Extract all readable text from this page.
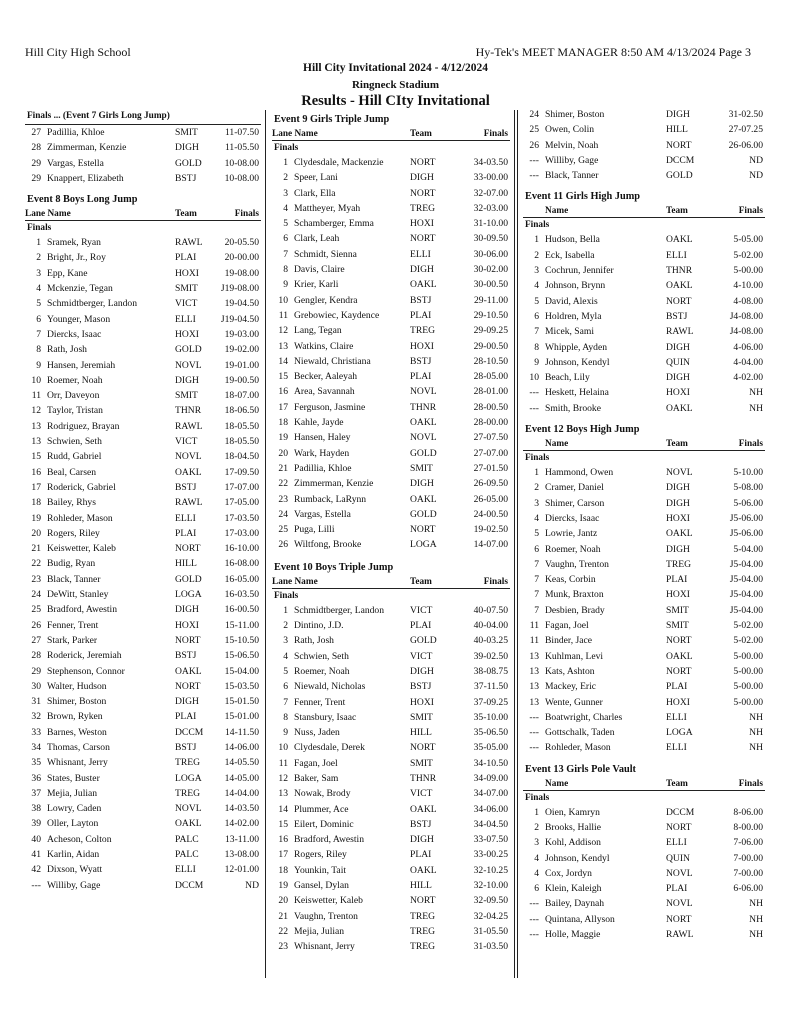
Hill City High School	Hy-Tek's MEET MANAGER 8:50 AM 4/13/2024 Page 3
Hill City Invitational 2024 - 4/12/2024
Ringneck Stadium
Results - Hill CIty Invitational
Finals ... (Event 7 Girls Long Jump)
27 Padillia, Khloe	SMIT	11-07.50
28 Zimmerman, Kenzie	DIGH	11-05.50
29 Vargas, Estella	GOLD 10-08.00
29 Knappert, Elizabeth	BSTJ	10-08.00
Event 8 Boys Long Jump
Lane Name	Team	Finals
Finals
1 Sramek, Ryan	RAWL 20-05.50
2 Bright, Jr., Roy	PLAI	20-00.00
3 Epp, Kane	HOXI	19-08.00
4 Mckenzie, Tegan	SMIT J19-08.00
5 Schmidtberger, Landon	VICT	19-04.50
6 Younger, Mason	ELLI	J19-04.50
7 Diercks, Isaac	HOXI	19-03.00
8 Rath, Josh	GOLD 19-02.00
9 Hansen, Jeremiah	NOVL 19-01.00
10 Roemer, Noah	DIGH	19-00.50
11 Orr, Daveyon	SMIT	18-07.00
12 Taylor, Tristan	THNR 18-06.50
13 Rodriguez, Brayan	RAWL 18-05.50
13 Schwien, Seth	VICT	18-05.50
15 Rudd, Gabriel	NOVL 18-04.50
16 Beal, Carsen	OAKL 17-09.50
17 Roderick, Gabriel	BSTJ	17-07.00
18 Bailey, Rhys	RAWL 17-05.00
19 Rohleder, Mason	ELLI	17-03.50
20 Rogers, Riley	PLAI	17-03.00
21 Keiswetter, Kaleb	NORT	16-10.00
22 Budig, Ryan	HILL	16-08.00
23 Black, Tanner	GOLD 16-05.00
24 DeWitt, Stanley	LOGA 16-03.50
25 Bradford, Awestin	DIGH	16-00.50
26 Fenner, Trent	HOXI	15-11.00
27 Stark, Parker	NORT	15-10.50
28 Roderick, Jeremiah	BSTJ	15-06.50
29 Stephenson, Connor	OAKL 15-04.00
30 Walter, Hudson	NORT	15-03.50
31 Shimer, Boston	DIGH	15-01.50
32 Brown, Ryken	PLAI	15-01.00
33 Barnes, Weston	DCCM 14-11.50
34 Thomas, Carson	BSTJ	14-06.00
35 Whisnant, Jerry	TREG	14-05.50
36 States, Buster	LOGA 14-05.00
37 Mejia, Julian	TREG	14-04.00
38 Lowry, Caden	NOVL 14-03.50
39 Oller, Layton	OAKL 14-02.00
40 Acheson, Colton	PALC	13-11.00
41 Karlin, Aidan	PALC	13-08.00
42 Dixson, Wyatt	ELLI	12-01.00
--- Williby, Gage	DCCM	ND
Event 9 Girls Triple Jump
Lane Name	Team	Finals
Finals
1 Clydesdale, Mackenzie	NORT	34-03.50
2 Speer, Lani	DIGH	33-00.00
3 Clark, Ella	NORT	32-07.00
4 Mattheyer, Myah	TREG	32-03.00
5 Schamberger, Emma	HOXI	31-10.00
6 Clark, Leah	NORT	30-09.50
7 Schmidt, Sienna	ELLI	30-06.00
8 Davis, Claire	DIGH	30-02.00
9 Krier, Karli	OAKL	30-00.50
10 Gengler, Kendra	BSTJ	29-11.00
11 Grebowiec, Kaydence	PLAI	29-10.50
12 Lang, Tegan	TREG	29-09.25
13 Watkins, Claire	HOXI	29-00.50
14 Niewald, Christiana	BSTJ	28-10.50
15 Becker, Aaleyah	PLAI	28-05.00
16 Area, Savannah	NOVL	28-01.00
17 Ferguson, Jasmine	THNR	28-00.50
18 Kahle, Jayde	OAKL	28-00.00
19 Hansen, Haley	NOVL	27-07.50
20 Wark, Hayden	GOLD	27-07.00
21 Padillia, Khloe	SMIT	27-01.50
22 Zimmerman, Kenzie	DIGH	26-09.50
23 Rumback, LaRynn	OAKL	26-05.00
24 Vargas, Estella	GOLD	24-00.50
25 Puga, Lilli	NORT	19-02.50
26 Wiltfong, Brooke	LOGA	14-07.00
Event 10 Boys Triple Jump
Lane Name	Team	Finals
Finals
1 Schmidtberger, Landon	VICT	40-07.50
2 Dintino, J.D.	PLAI	40-04.00
3 Rath, Josh	GOLD	40-03.25
4 Schwien, Seth	VICT	39-02.50
5 Roemer, Noah	DIGH	38-08.75
6 Niewald, Nicholas	BSTJ	37-11.50
7 Fenner, Trent	HOXI	37-09.25
8 Stansbury, Isaac	SMIT	35-10.00
9 Nuss, Jaden	HILL	35-06.50
10 Clydesdale, Derek	NORT	35-05.00
11 Fagan, Joel	SMIT	34-10.50
12 Baker, Sam	THNR	34-09.00
13 Nowak, Brody	VICT	34-07.00
14 Plummer, Ace	OAKL	34-06.00
15 Eilert, Dominic	BSTJ	34-04.50
16 Bradford, Awestin	DIGH	33-07.50
17 Rogers, Riley	PLAI	33-00.25
18 Younkin, Tait	OAKL	32-10.25
19 Gansel, Dylan	HILL	32-10.00
20 Keiswetter, Kaleb	NORT	32-09.50
21 Vaughn, Trenton	TREG	32-04.25
22 Mejia, Julian	TREG	31-05.50
23 Whisnant, Jerry	TREG	31-03.50
24 Shimer, Boston	DIGH	31-02.50
25 Owen, Colin	HILL	27-07.25
26 Melvin, Noah	NORT	26-06.00
--- Williby, Gage	DCCM	ND
--- Black, Tanner	GOLD	ND
Event 11 Girls High Jump
Name	Team	Finals
Finals
1 Hudson, Bella	OAKL	5-05.00
2 Eck, Isabella	ELLI	5-02.00
3 Cochrun, Jennifer	THNR	5-00.00
4 Johnson, Brynn	OAKL	4-10.00
5 David, Alexis	NORT	4-08.00
6 Holdren, Myla	BSTJ	J4-08.00
7 Micek, Sami	RAWL	J4-08.00
8 Whipple, Ayden	DIGH	4-06.00
9 Johnson, Kendyl	QUIN	4-04.00
10 Beach, Lily	DIGH	4-02.00
--- Heskett, Helaina	HOXI	NH
--- Smith, Brooke	OAKL	NH
Event 12 Boys High Jump
Name	Team	Finals
Finals
1 Hammond, Owen	NOVL	5-10.00
2 Cramer, Daniel	DIGH	5-08.00
3 Shimer, Carson	DIGH	5-06.00
4 Diercks, Isaac	HOXI	J5-06.00
5 Lowrie, Jantz	OAKL	J5-06.00
6 Roemer, Noah	DIGH	5-04.00
7 Vaughn, Trenton	TREG	J5-04.00
7 Keas, Corbin	PLAI	J5-04.00
7 Munk, Braxton	HOXI	J5-04.00
7 Desbien, Brady	SMIT	J5-04.00
11 Fagan, Joel	SMIT	5-02.00
11 Binder, Jace	NORT	5-02.00
13 Kuhlman, Levi	OAKL	5-00.00
13 Kats, Ashton	NORT	5-00.00
13 Mackey, Eric	PLAI	5-00.00
13 Wente, Gunner	HOXI	5-00.00
--- Boatwright, Charles	ELLI	NH
--- Gottschalk, Taden	LOGA	NH
--- Rohleder, Mason	ELLI	NH
Event 13 Girls Pole Vault
Name	Team	Finals
Finals
1 Oien, Kamryn	DCCM	8-06.00
2 Brooks, Hallie	NORT	8-00.00
3 Kohl, Addison	ELLI	7-06.00
4 Johnson, Kendyl	QUIN	7-00.00
4 Cox, Jordyn	NOVL	7-00.00
6 Klein, Kaleigh	PLAI	6-06.00
--- Bailey, Daynah	NOVL	NH
--- Quintana, Allyson	NORT	NH
--- Holle, Maggie	RAWL	NH
